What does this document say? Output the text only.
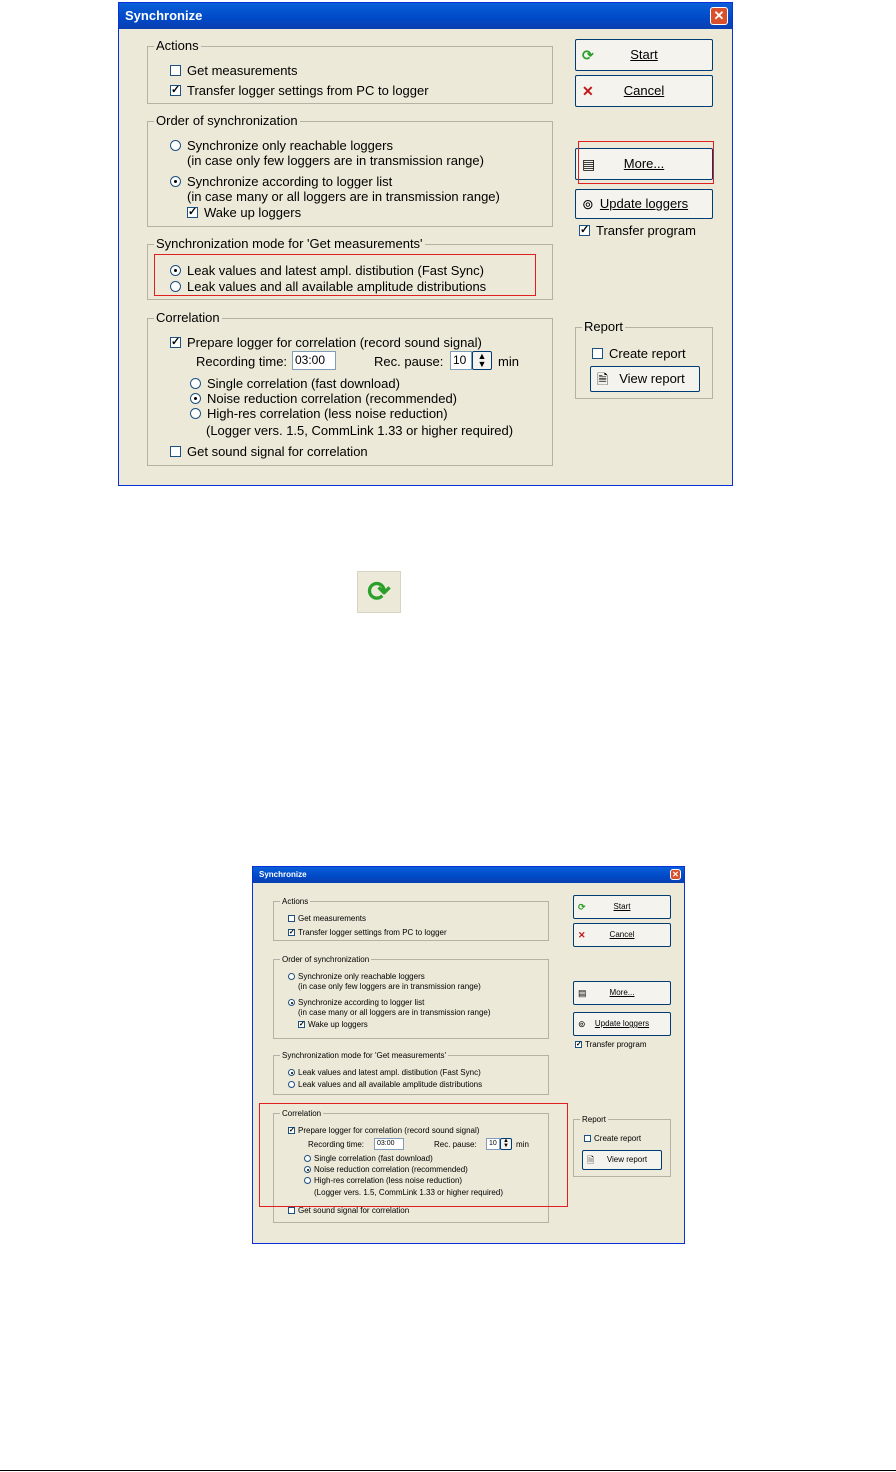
Synchronize	✕
Actions
Get measurements
✓Transfer logger settings from PC to logger
Order of synchronization
Synchronize only reachable loggers
(in case only few loggers are in transmission range)
Synchronize according to logger list
(in case many or all loggers are in transmission range)
✓Wake up loggers
Synchronization mode for 'Get measurements'
Leak values and latest ampl. distibution (Fast Sync)
Leak values and all available amplitude distributions
Correlation
✓Prepare logger for correlation (record sound signal)
Recording time: 03:00	Rec. pause: 10	▲
▼ min
Single correlation (fast download)
Noise reduction correlation (recommended)
High-res correlation (less noise reduction)
(Logger vers. 1.5, CommLink 1.33 or higher required)
Get sound signal for correlation
⟳	Start
✕ Cancel
▤ More...
⊚ Update loggers
✓Transfer program
Report
Create report
🗎 View report
⟳
Synchronize	✕
Actions
Get measurements
✓Transfer logger settings from PC to logger
Order of synchronization
Synchronize only reachable loggers
(in case only few loggers are in transmission range)
Synchronize according to logger list
(in case many or all loggers are in transmission range)
✓Wake up loggers
Synchronization mode for 'Get measurements'
Leak values and latest ampl. distibution (Fast Sync)
Leak values and all available amplitude distributions
Correlation
✓Prepare logger for correlation (record sound signal)
Recording time:	03:00	Rec. pause:	10	▲
▼ min
Single correlation (fast download)
Noise reduction correlation (recommended)
High-res correlation (less noise reduction)
(Logger vers. 1.5, CommLink 1.33 or higher required)
Get sound signal for correlation
⟳	Start
✕	Cancel
▤	More...
⊚ Update loggers
✓Transfer program
Report
Create report
🗎 View report
